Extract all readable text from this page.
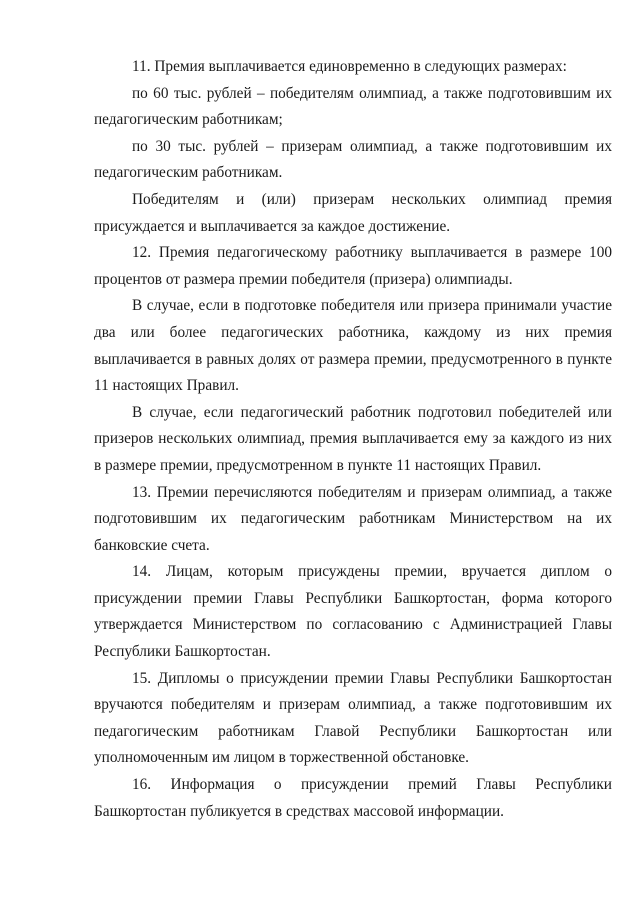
11. Премия выплачивается единовременно в следующих размерах:

по 60 тыс. рублей – победителям олимпиад, а также подготовившим их педагогическим работникам;

по 30 тыс. рублей – призерам олимпиад, а также подготовившим их педагогическим работникам.

Победителям и (или) призерам нескольких олимпиад премия присуждается и выплачивается за каждое достижение.

12. Премия педагогическому работнику выплачивается в размере 100 процентов от размера премии победителя (призера) олимпиады.

В случае, если в подготовке победителя или призера принимали участие два или более педагогических работника, каждому из них премия выплачивается в равных долях от размера премии, предусмотренного в пункте 11 настоящих Правил.

В случае, если педагогический работник подготовил победителей или призеров нескольких олимпиад, премия выплачивается ему за каждого из них в размере премии, предусмотренном в пункте 11 настоящих Правил.

13. Премии перечисляются победителям и призерам олимпиад, а также подготовившим их педагогическим работникам Министерством на их банковские счета.

14. Лицам, которым присуждены премии, вручается диплом о присуждении премии Главы Республики Башкортостан, форма которого утверждается Министерством по согласованию с Администрацией Главы Республики Башкортостан.

15. Дипломы о присуждении премии Главы Республики Башкортостан вручаются победителям и призерам олимпиад, а также подготовившим их педагогическим работникам Главой Республики Башкортостан или уполномоченным им лицом в торжественной обстановке.

16. Информация о присуждении премий Главы Республики Башкортостан публикуется в средствах массовой информации.
